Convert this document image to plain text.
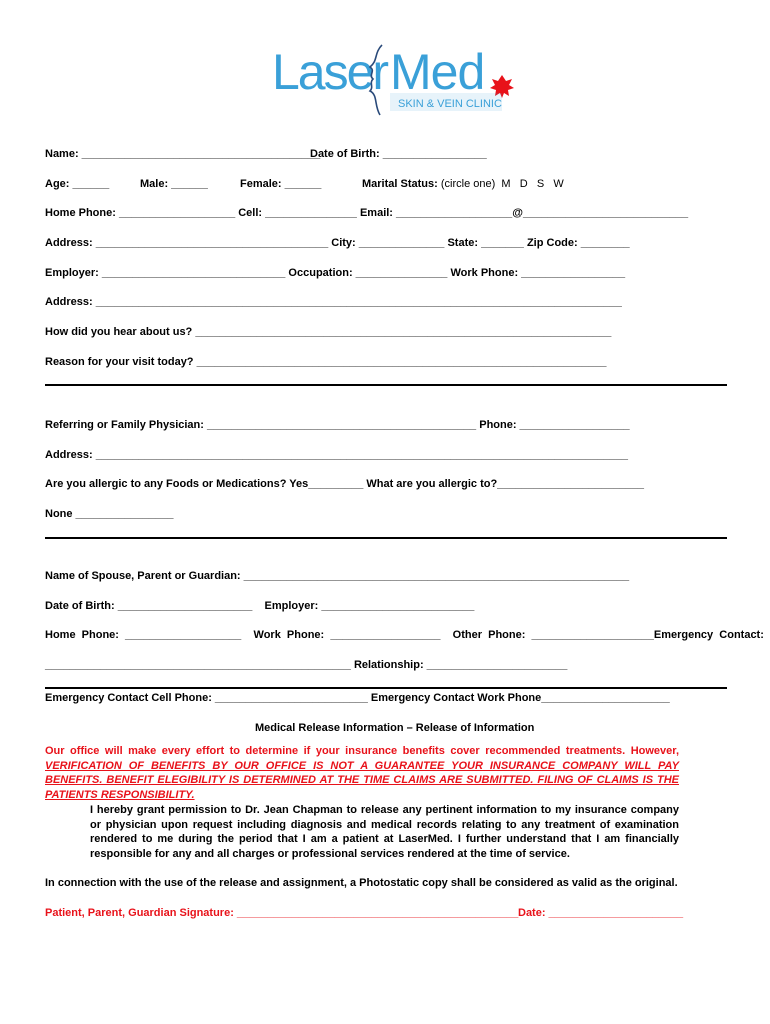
Laser Med
SKIN & VEIN CLINIC
Name: _______________________________________
Date of Birth: _________________
Age: ______	Male: ______	Female: ______	Marital Status: (circle one)  M   D   S   W
Home Phone: ___________________ Cell: _______________ Email: ___________________@___________________________
Address: ______________________________________ City: ______________ State: _______ Zip Code: ________
Employer: ______________________________ Occupation: _______________ Work Phone: _________________
Address: ______________________________________________________________________________________
How did you hear about us? ____________________________________________________________________
Reason for your visit today? ___________________________________________________________________
Referring or Family Physician: ____________________________________________ Phone: __________________
Address: _______________________________________________________________________________________
Are you allergic to any Foods or Medications? Yes_________ What are you allergic to?________________________
None ________________
Name of Spouse, Parent or Guardian: _______________________________________________________________
Date of Birth: ______________________    Employer: _________________________
Home  Phone:  ___________________    Work  Phone:  __________________    Other  Phone:  ____________________Emergency  Contact:
__________________________________________________ Relationship: _______________________
Emergency Contact Cell Phone: _________________________ Emergency Contact Work Phone_____________________
Medical Release Information – Release of Information
Our office will make every effort to determine if your insurance benefits cover recommended treatments. However, VERIFICATION OF BENEFITS BY OUR OFFICE IS NOT A GUARANTEE YOUR INSURANCE COMPANY WILL PAY BENEFITS. BENEFIT ELEGIBILITY IS DETERMINED AT THE TIME CLAIMS ARE SUBMITTED. FILING OF CLAIMS IS THE PATIENTS RESPONSIBILITY.
I hereby grant permission to Dr. Jean Chapman to release any pertinent information to my insurance company or physician upon request including diagnosis and medical records relating to any treatment of examination rendered to me during the period that I am a patient at LaserMed. I further understand that I am financially responsible for any and all charges or professional services rendered at the time of service.
In connection with the use of the release and assignment, a Photostatic copy shall be considered as valid as the original.
Patient, Parent, Guardian Signature: ______________________________________________ Date: ______________________
